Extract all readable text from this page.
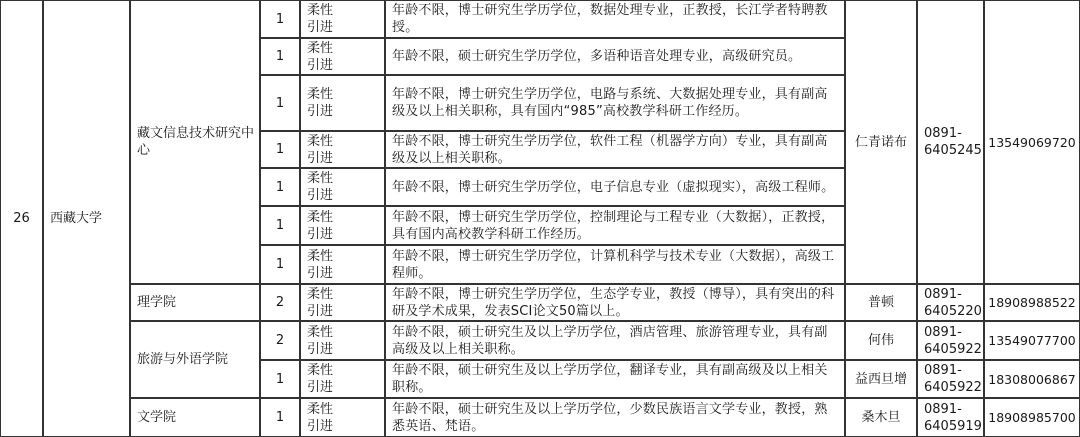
26 西藏大学
藏文信息技术研究中心
仁青诺布
0891-6405245
13549069720
1
柔性引进
年龄不限，博士研究生学历学位，数据处理专业，正教授，长江学者特聘教授。
1
柔性引进
年龄不限，硕士研究生学历学位，多语种语音处理专业，高级研究员。
1
柔性引进
年龄不限，博士研究生学历学位，电路与系统、大数据处理专业，具有副高级及以上相关职称，具有国内“985”高校教学科研工作经历。
1
柔性引进
年龄不限，博士研究生学历学位，软件工程（机器学方向）专业，具有副高级及以上相关职称。
1
柔性引进
年龄不限，博士研究生学历学位，电子信息专业（虚拟现实），高级工程师。
1
柔性引进
年龄不限，博士研究生学历学位，控制理论与工程专业（大数据），正教授，具有国内高校教学科研工作经历。
1
柔性引进
年龄不限，博士研究生学历学位，计算机科学与技术专业（大数据），高级工程师。
理学院	2
柔性引进
年龄不限，博士研究生学历学位，生态学专业，教授（博导），具有突出的科研及学术成果，发表SCI论文50篇以上。
普顿
0891-6405220
18908988522
旅游与外语学院
2
柔性引进
年龄不限，硕士研究生及以上学历学位，酒店管理、旅游管理专业，具有副高级及以上相关职称。
何伟
0891-6405922
13549077700
1
柔性引进
年龄不限，硕士研究生及以上学历学位，翻译专业，具有副高级及以上相关职称。
益西旦增
0891-6405922
18308006867
文学院	1
柔性引进
年龄不限，硕士研究生及以上学历学位，少数民族语言文学专业，教授，熟悉英语、梵语。
桑木旦
0891-6405919
18908985700
